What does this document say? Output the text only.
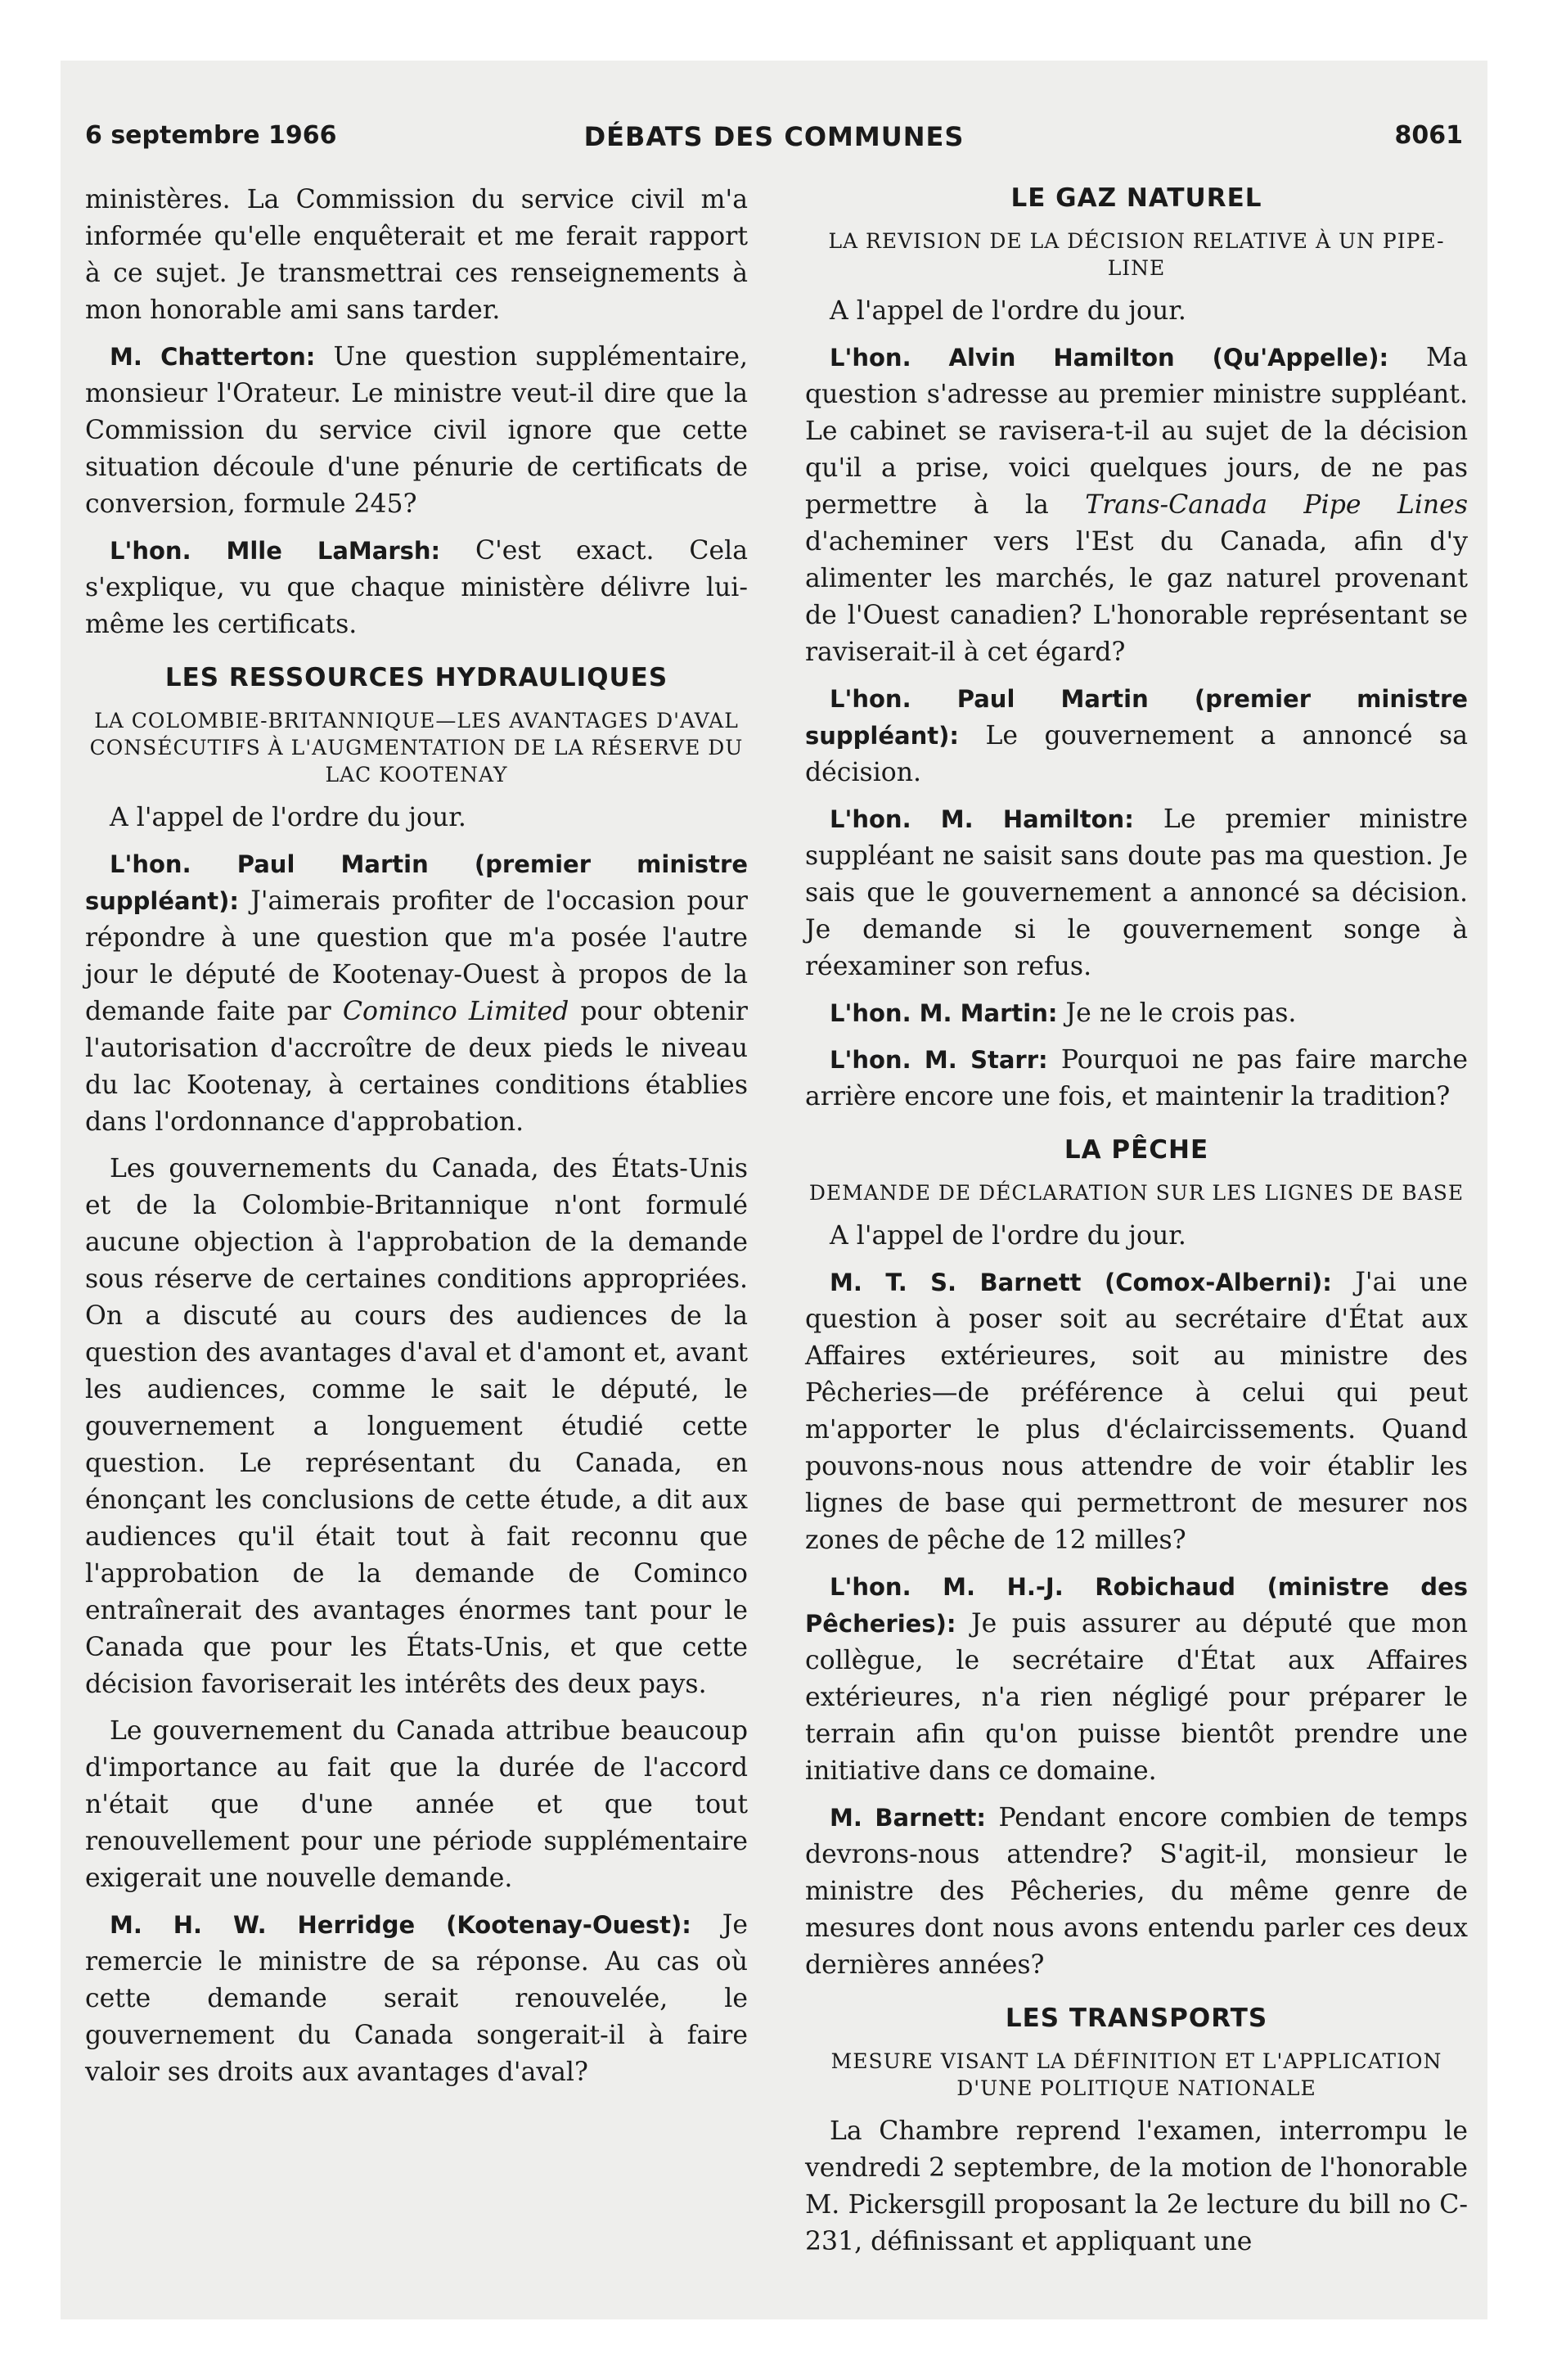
6 septembre 1966	DÉBATS DES COMMUNES	8061

ministères. La Commission du service civil m'a informée qu'elle enquêterait et me ferait rapport à ce sujet. Je transmettrai ces renseignements à mon honorable ami sans tarder.

M. Chatterton: Une question supplémentaire, monsieur l'Orateur. Le ministre veut-il dire que la Commission du service civil ignore que cette situation découle d'une pénurie de certificats de conversion, formule 245?

L'hon. Mlle LaMarsh: C'est exact. Cela s'explique, vu que chaque ministère délivre lui-même les certificats.

LES RESSOURCES HYDRAULIQUES
LA COLOMBIE-BRITANNIQUE—LES AVANTAGES D'AVAL CONSÉCUTIFS À L'AUGMENTATION DE LA RÉSERVE DU LAC KOOTENAY

A l'appel de l'ordre du jour.

L'hon. Paul Martin (premier ministre suppléant): J'aimerais profiter de l'occasion pour répondre à une question que m'a posée l'autre jour le député de Kootenay-Ouest à propos de la demande faite par Cominco Limited pour obtenir l'autorisation d'accroître de deux pieds le niveau du lac Kootenay, à certaines conditions établies dans l'ordonnance d'approbation.

Les gouvernements du Canada, des États-Unis et de la Colombie-Britannique n'ont formulé aucune objection à l'approbation de la demande sous réserve de certaines conditions appropriées. On a discuté au cours des audiences de la question des avantages d'aval et d'amont et, avant les audiences, comme le sait le député, le gouvernement a longuement étudié cette question. Le représentant du Canada, en énonçant les conclusions de cette étude, a dit aux audiences qu'il était tout à fait reconnu que l'approbation de la demande de Cominco entraînerait des avantages énormes tant pour le Canada que pour les États-Unis, et que cette décision favoriserait les intérêts des deux pays.

Le gouvernement du Canada attribue beaucoup d'importance au fait que la durée de l'accord n'était que d'une année et que tout renouvellement pour une période supplémentaire exigerait une nouvelle demande.

M. H. W. Herridge (Kootenay-Ouest): Je remercie le ministre de sa réponse. Au cas où cette demande serait renouvelée, le gouvernement du Canada songerait-il à faire valoir ses droits aux avantages d'aval?

LE GAZ NATUREL
LA REVISION DE LA DÉCISION RELATIVE À UN PIPE-LINE

A l'appel de l'ordre du jour.

L'hon. Alvin Hamilton (Qu'Appelle): Ma question s'adresse au premier ministre suppléant. Le cabinet se ravisera-t-il au sujet de la décision qu'il a prise, voici quelques jours, de ne pas permettre à la Trans-Canada Pipe Lines d'acheminer vers l'Est du Canada, afin d'y alimenter les marchés, le gaz naturel provenant de l'Ouest canadien? L'honorable représentant se raviserait-il à cet égard?

L'hon. Paul Martin (premier ministre suppléant): Le gouvernement a annoncé sa décision.

L'hon. M. Hamilton: Le premier ministre suppléant ne saisit sans doute pas ma question. Je sais que le gouvernement a annoncé sa décision. Je demande si le gouvernement songe à réexaminer son refus.

L'hon. M. Martin: Je ne le crois pas.

L'hon. M. Starr: Pourquoi ne pas faire marche arrière encore une fois, et maintenir la tradition?

LA PÊCHE
DEMANDE DE DÉCLARATION SUR LES LIGNES DE BASE

A l'appel de l'ordre du jour.

M. T. S. Barnett (Comox-Alberni): J'ai une question à poser soit au secrétaire d'État aux Affaires extérieures, soit au ministre des Pêcheries—de préférence à celui qui peut m'apporter le plus d'éclaircissements. Quand pouvons-nous nous attendre de voir établir les lignes de base qui permettront de mesurer nos zones de pêche de 12 milles?

L'hon. M. H.-J. Robichaud (ministre des Pêcheries): Je puis assurer au député que mon collègue, le secrétaire d'État aux Affaires extérieures, n'a rien négligé pour préparer le terrain afin qu'on puisse bientôt prendre une initiative dans ce domaine.

M. Barnett: Pendant encore combien de temps devrons-nous attendre? S'agit-il, monsieur le ministre des Pêcheries, du même genre de mesures dont nous avons entendu parler ces deux dernières années?

LES TRANSPORTS
MESURE VISANT LA DÉFINITION ET L'APPLICATION D'UNE POLITIQUE NATIONALE

La Chambre reprend l'examen, interrompu le vendredi 2 septembre, de la motion de l'honorable M. Pickersgill proposant la 2e lecture du bill no C-231, définissant et appliquant une
